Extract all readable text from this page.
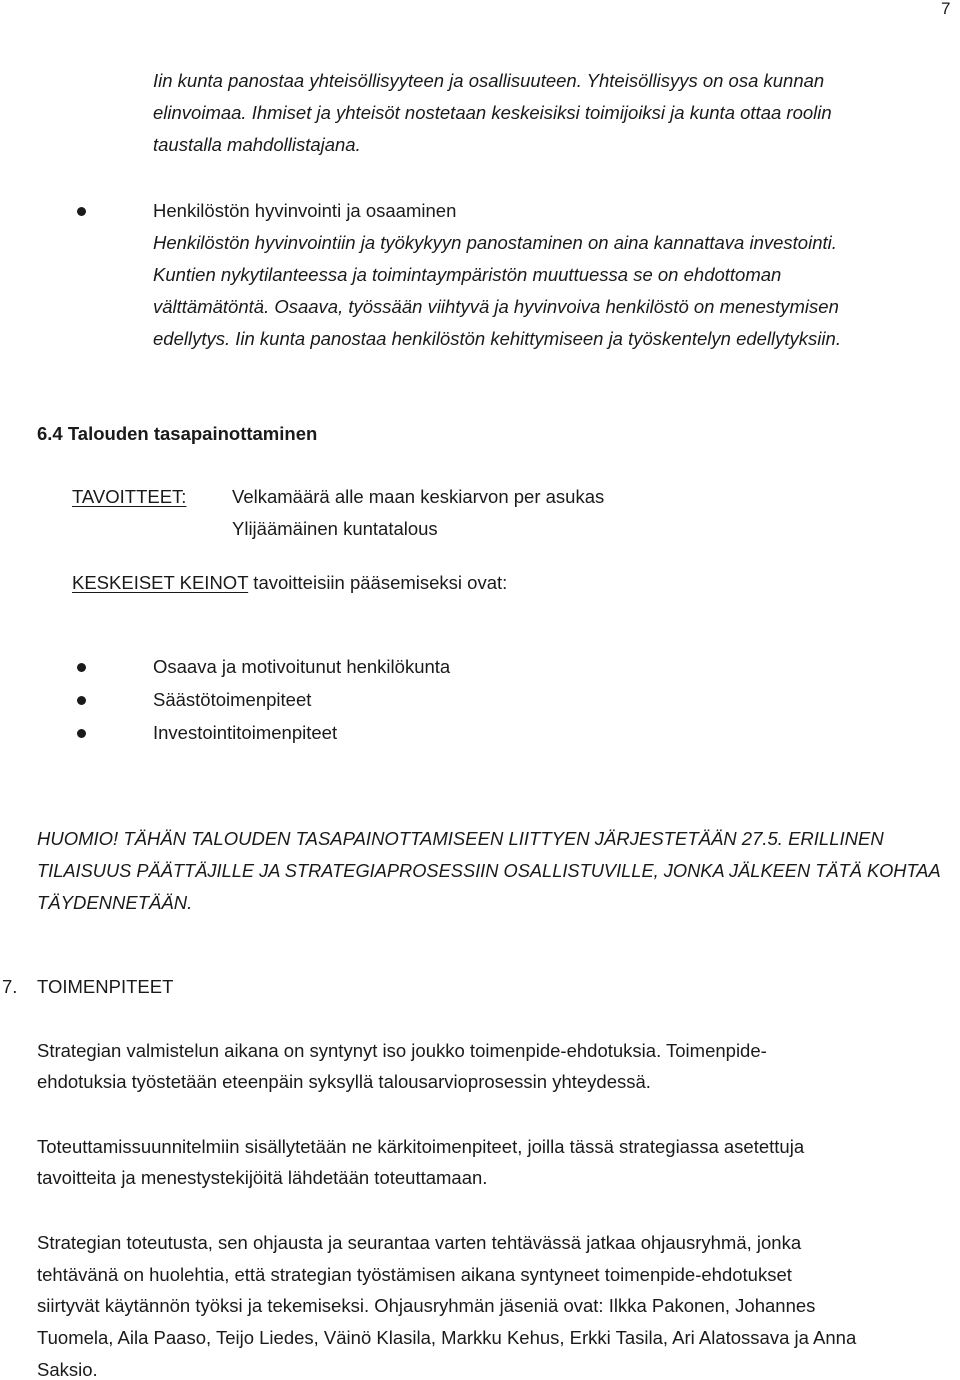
7
Iin kunta panostaa yhteisöllisyyteen ja osallisuuteen. Yhteisöllisyys on osa kunnan
elinvoimaa. Ihmiset ja yhteisöt nostetaan keskeisiksi toimijoiksi ja kunta ottaa roolin
taustalla mahdollistajana.
Henkilöstön hyvinvointi ja osaaminen
Henkilöstön hyvinvointiin ja työkykyyn panostaminen on aina kannattava investointi.
Kuntien nykytilanteessa ja toimintaympäristön muuttuessa se on ehdottoman
välttämätöntä. Osaava, työssään viihtyvä ja hyvinvoiva henkilöstö on menestymisen
edellytys. Iin kunta panostaa henkilöstön kehittymiseen ja työskentelyn edellytyksiin.
6.4 Talouden tasapainottaminen
TAVOITTEET: Velkamäärä alle maan keskiarvon per asukas
Ylijäämäinen kuntatalous
KESKEISET KEINOT tavoitteisiin pääsemiseksi ovat:
Osaava ja motivoitunut henkilökunta
Säästötoimenpiteet
Investointitoimenpiteet
HUOMIO! TÄHÄN TALOUDEN TASAPAINOTTAMISEEN LIITTYEN JÄRJESTETÄÄN 27.5. ERILLINEN
TILAISUUS PÄÄTTÄJILLE JA STRATEGIAPROSESSIIN OSALLISTUVILLE, JONKA JÄLKEEN TÄTÄ KOHTAA
TÄYDENNETÄÄN.
7. TOIMENPITEET
Strategian valmistelun aikana on syntynyt iso joukko toimenpide-ehdotuksia. Toimenpide-
ehdotuksia työstetään eteenpäin syksyllä talousarvioprosessin yhteydessä.
Toteuttamissuunnitelmiin sisällytetään ne kärkitoimenpiteet, joilla tässä strategiassa asetettuja
tavoitteita ja menestystekijöitä lähdetään toteuttamaan.
Strategian toteutusta, sen ohjausta ja seurantaa varten tehtävässä jatkaa ohjausryhmä, jonka
tehtävänä on huolehtia, että strategian työstämisen aikana syntyneet toimenpide-ehdotukset
siirtyvät käytännön työksi ja tekemiseksi. Ohjausryhmän jäseniä ovat: Ilkka Pakonen, Johannes
Tuomela, Aila Paaso, Teijo Liedes, Väinö Klasila, Markku Kehus, Erkki Tasila, Ari Alatossava ja Anna
Saksio.
